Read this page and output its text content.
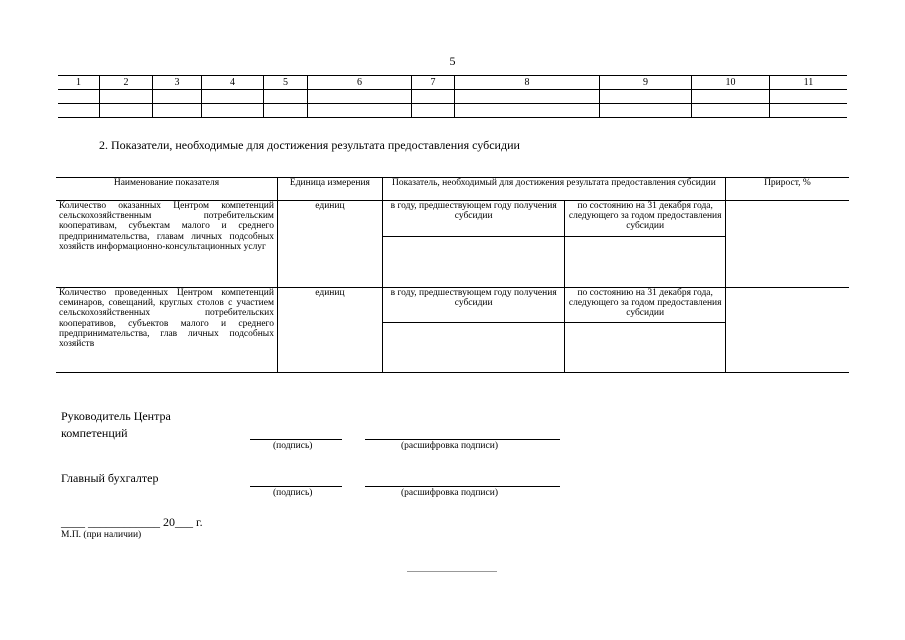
5
1	2	3	4	5	6	7	8	9	10	11

2. Показатели, необходимые для достижения результата предоставления субсидии
Наименование показателя	Единица измерения	Показатель, необходимый для достижения результата предоставления субсидии		Прирост, %
Количество оказанных Центром компетенций сельскохозяйственным потребительским кооперативам, субъектам малого и среднего предпринимательства, главам личных подсобных хозяйств информационно-консультационных услуг	единиц	в году, предшествующем году получения субсидии	по состоянию на 31 декабря года, следующего за годом предоставления субсидии	

Количество проведенных Центром компетенций семинаров, совещаний, круглых столов с участием сельскохозяйственных потребительских кооперативов, субъектов малого и среднего предпринимательства, глав личных подсобных хозяйств	единиц	в году, предшествующем году получения субсидии	по состоянию на 31 декабря года, следующего за годом предоставления субсидии	

Руководитель Центра
компетенций
(подпись)	(расшифровка подписи)
Главный бухгалтер
(подпись)	(расшифровка подписи)
____ ____________ 20___ г.
М.П. (при наличии)
